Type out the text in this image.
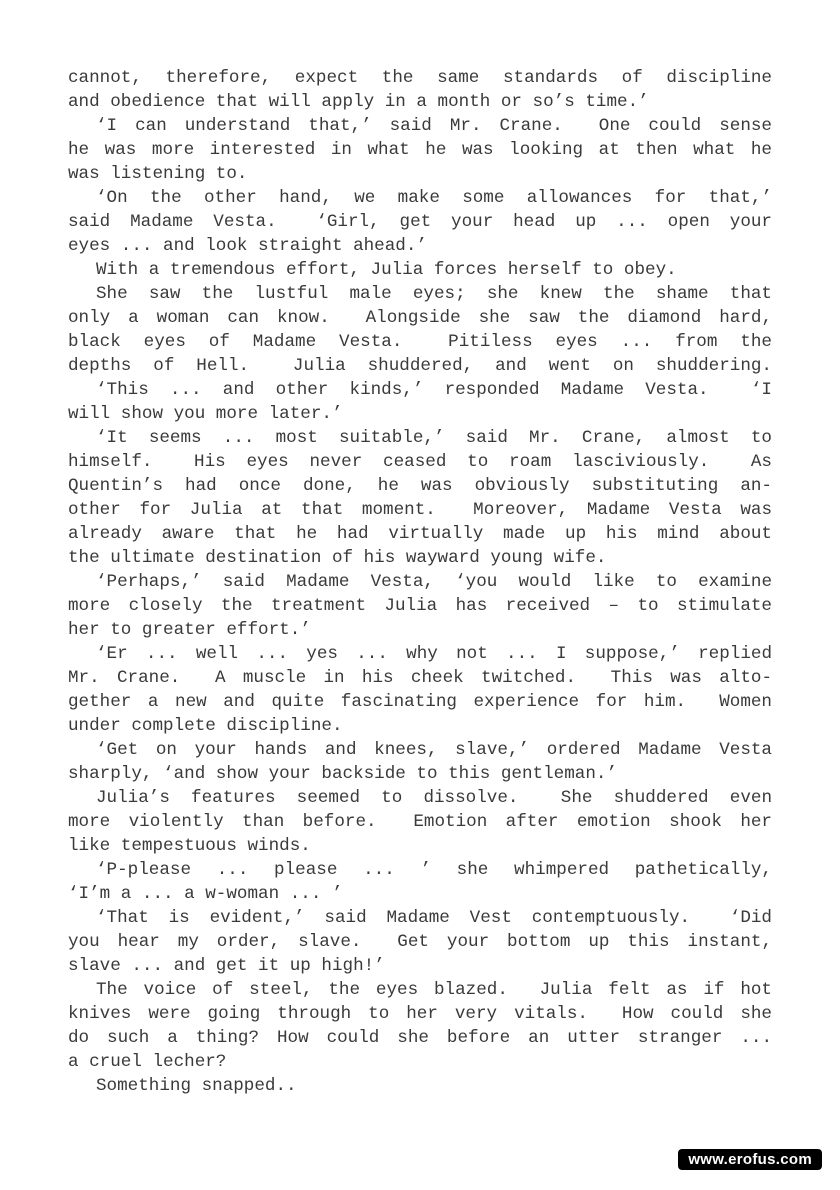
cannot, therefore, expect the same standards of discipline
and obedience that will apply in a month or so’s time.’
‘I can understand that,’ said Mr. Crane.  One could sense
he was more interested in what he was looking at then what he
was listening to.
‘On the other hand, we make some allowances for that,’
said Madame Vesta.  ‘Girl, get your head up ... open your
eyes ... and look straight ahead.’
With a tremendous effort, Julia forces herself to obey.
She saw the lustful male eyes; she knew the shame that
only a woman can know.  Alongside she saw the diamond hard,
black eyes of Madame Vesta.  Pitiless eyes ... from the
depths of Hell.  Julia shuddered, and went on shuddering.
‘This ... and other kinds,’ responded Madame Vesta.  ‘I
will show you more later.’
‘It seems ... most suitable,’ said Mr. Crane, almost to
himself.  His eyes never ceased to roam lasciviously.  As
Quentin’s had once done, he was obviously substituting an-
other for Julia at that moment.  Moreover, Madame Vesta was
already aware that he had virtually made up his mind about
the ultimate destination of his wayward young wife.
‘Perhaps,’ said Madame Vesta, ‘you would like to examine
more closely the treatment Julia has received – to stimulate
her to greater effort.’
‘Er ... well ... yes ... why not ... I suppose,’ replied
Mr. Crane.  A muscle in his cheek twitched.  This was alto-
gether a new and quite fascinating experience for him.  Women
under complete discipline.
‘Get on your hands and knees, slave,’ ordered Madame Vesta
sharply, ‘and show your backside to this gentleman.’
Julia’s features seemed to dissolve.  She shuddered even
more violently than before.  Emotion after emotion shook her
like tempestuous winds.
‘P-please ... please ... ’ she whimpered pathetically,
‘I’m a ... a w-woman ... ’
‘That is evident,’ said Madame Vest contemptuously.  ‘Did
you hear my order, slave.  Get your bottom up this instant,
slave ... and get it up high!’
The voice of steel, the eyes blazed.  Julia felt as if hot
knives were going through to her very vitals.  How could she
do such a thing? How could she before an utter stranger ...
a cruel lecher?
Something snapped..
www.erofus.com
